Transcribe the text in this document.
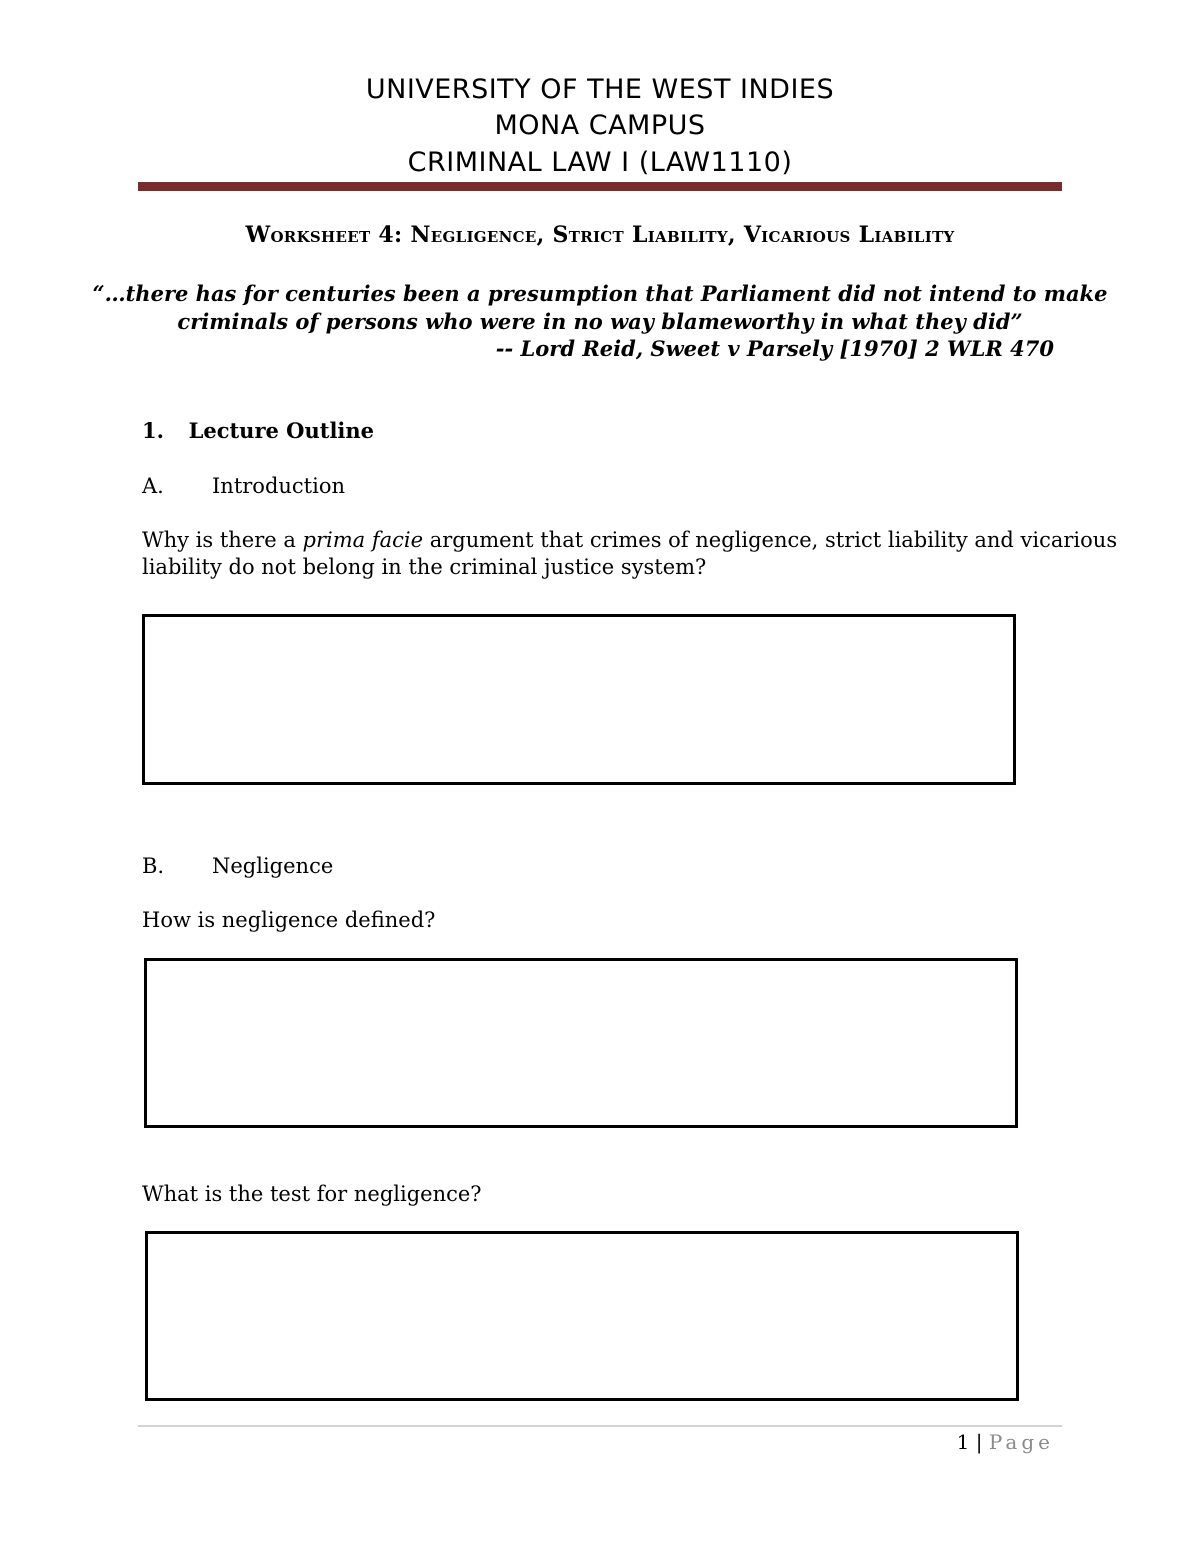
UNIVERSITY OF THE WEST INDIES
MONA CAMPUS
CRIMINAL LAW I (LAW1110)
Worksheet 4: Negligence, Strict Liability, Vicarious Liability
“…there has for centuries been a presumption that Parliament did not intend to make
criminals of persons who were in no way blameworthy in what they did”
-- Lord Reid, Sweet v Parsely [1970] 2 WLR 470
1. Lecture Outline
A. Introduction
Why is there a prima facie argument that crimes of negligence, strict liability and vicarious
liability do not belong in the criminal justice system?
B. Negligence
How is negligence defined?
What is the test for negligence?
1 | Page
